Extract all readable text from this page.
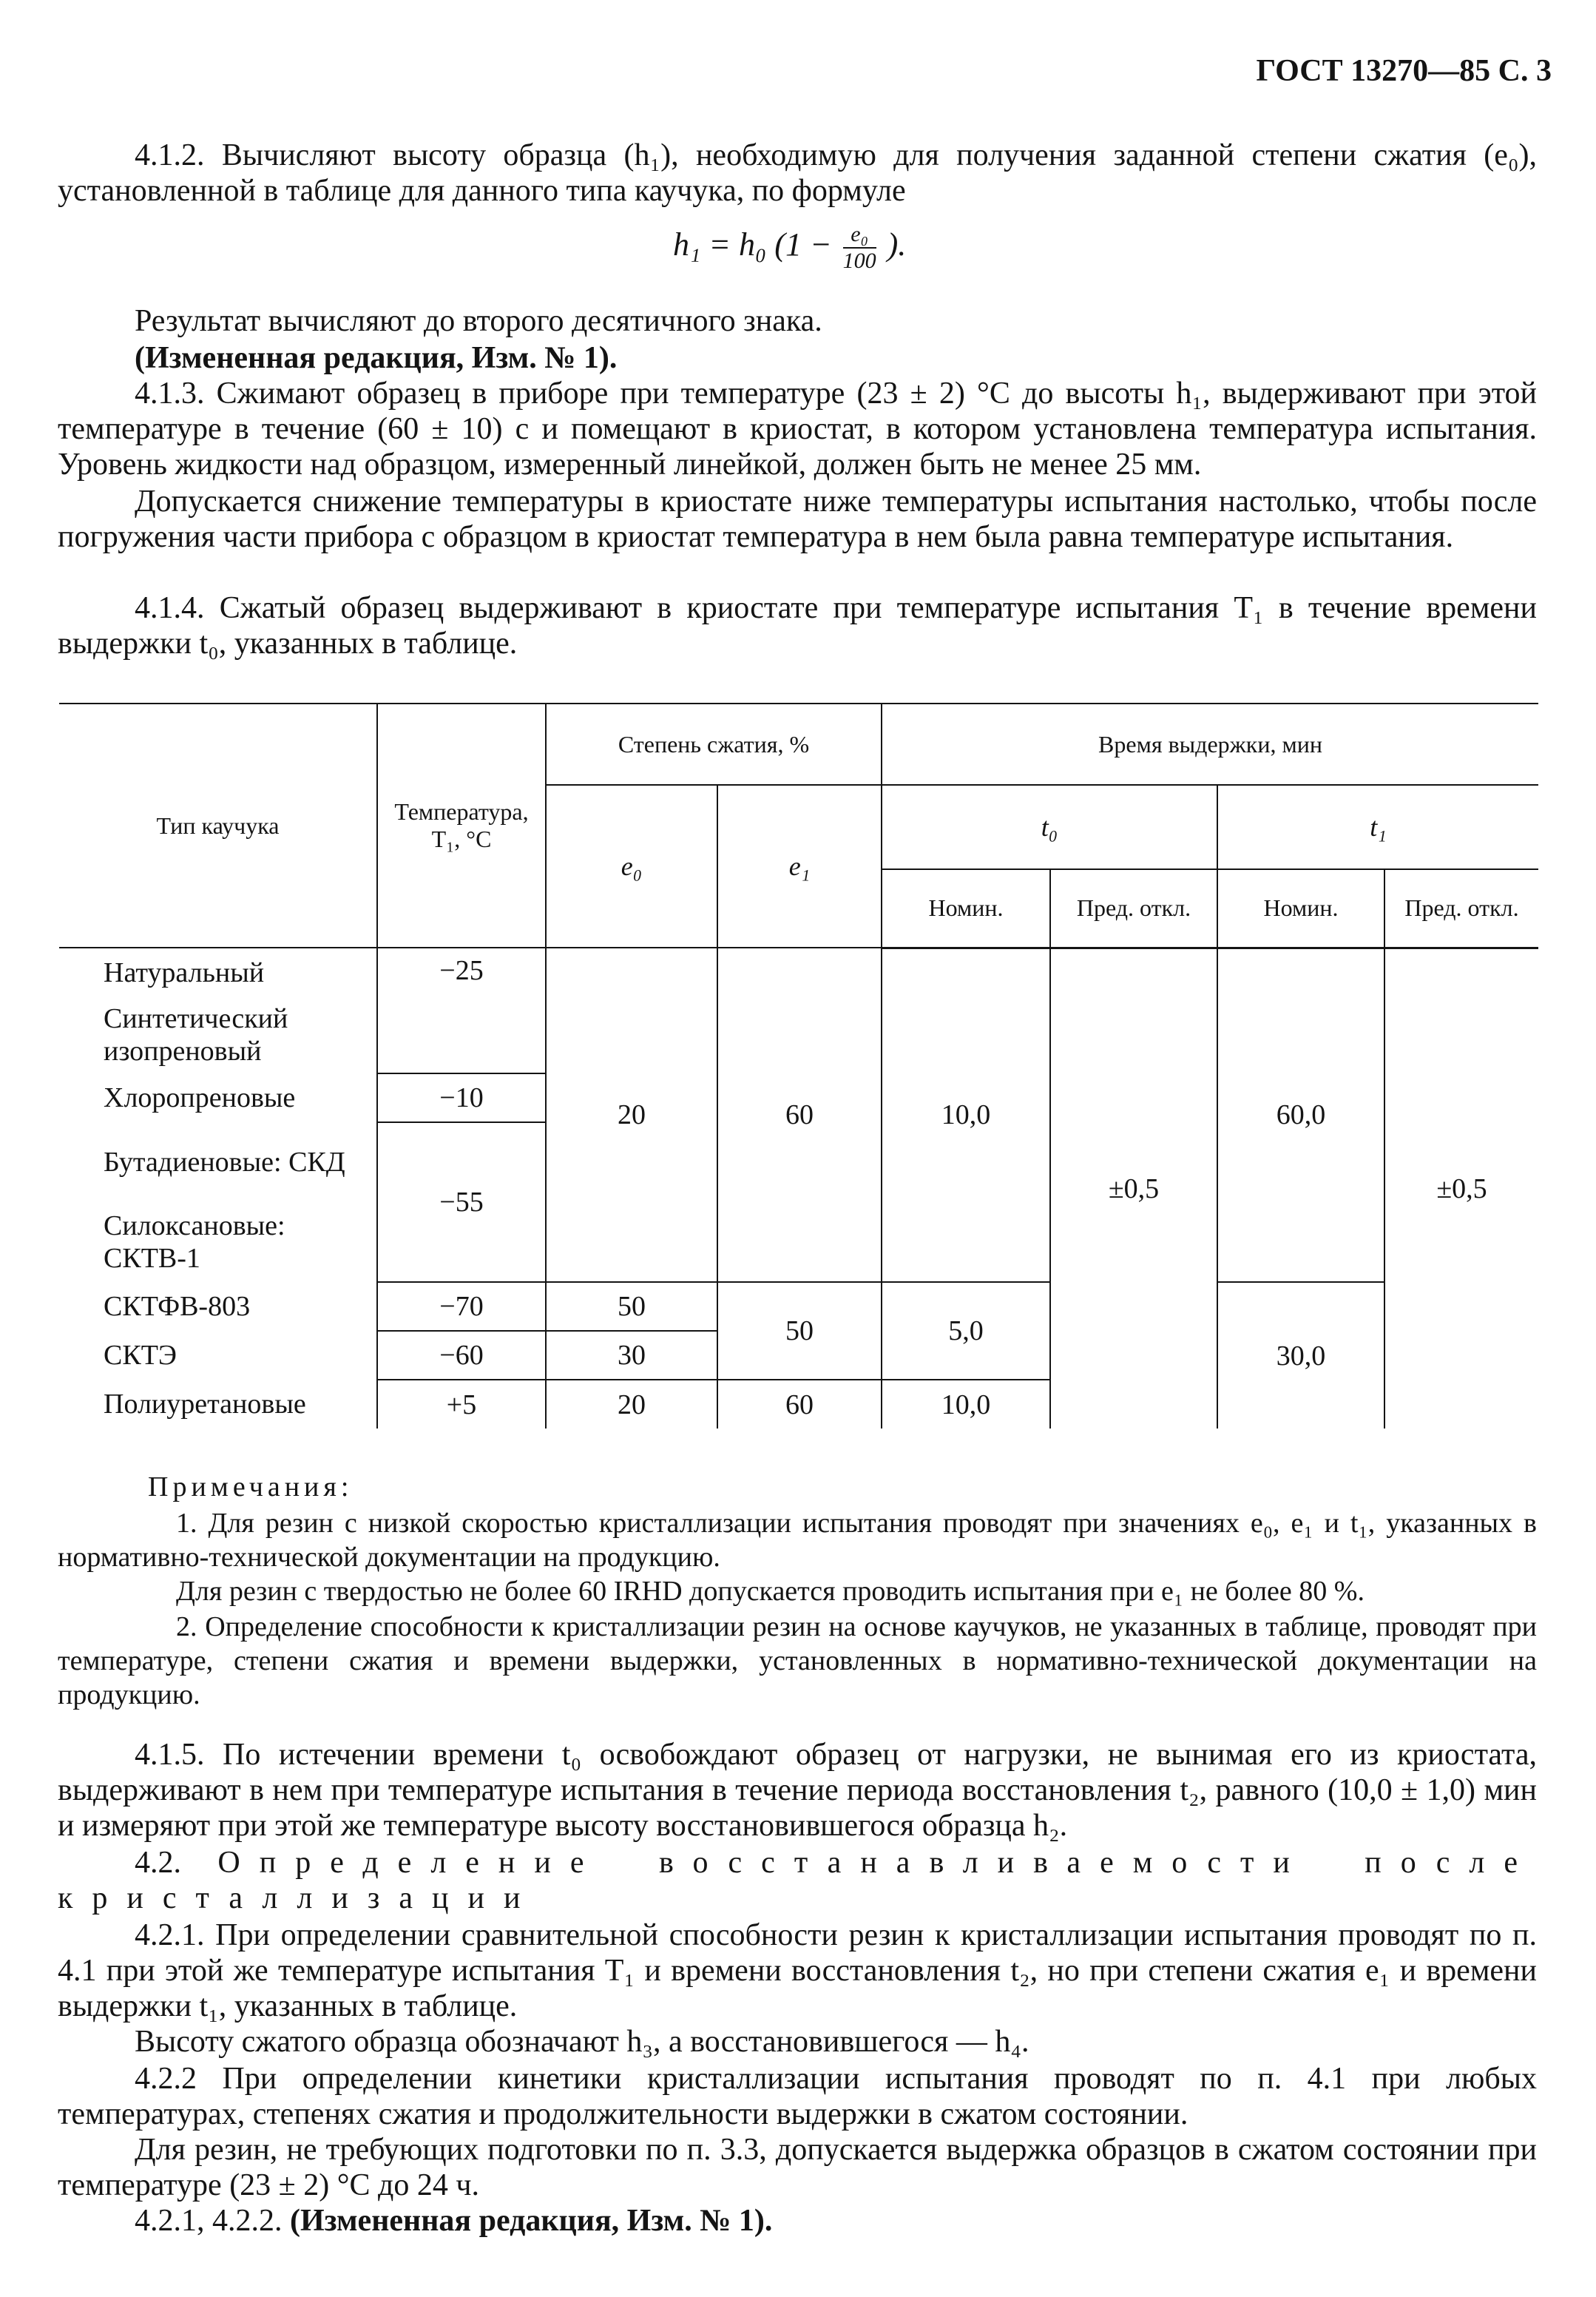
ГОСТ 13270—85 С. 3
4.1.2. Вычисляют высоту образца (h₁), необходимую для получения заданной степени сжатия (e₀), установленной в таблице для данного типа каучука, по формуле
h₁ = h₀ ($1 - \frac{\text{e₀}}{100}$ ).
Результат вычисляют до второго десятичного знака.
(Измененная редакция, Изм. № 1).
4.1.3. Сжимают образец в приборе при температуре (23 ± 2) °C до высоты h₁, выдерживают при этой температуре в течение (60 ± 10) с и помещают в криостат, в котором установлена температура испытания. Уровень жидкости над образцом, измеренный линейкой, должен быть не менее 25 мм.
Допускается снижение температуры в криостате ниже температуры испытания настолько, чтобы после погружения части прибора с образцом в криостат температура в нем была равна температуре испытания.
4.1.4. Сжатый образец выдерживают в криостате при температуре испытания T₁ в течение времени выдержки t₀, указанных в таблице.
Тип каучука	Температура, T₁, °C	Степень сжатия, %		Время выдержки, мин			
		e₀	e₁	t₀		t₁	
				Номин.	Пред. откл.	Номин.	Пред. откл.
Натуральный	−25	20	60	10,0	±0,5	60,0	±0,5
Синтетический изопреновый							
Хлоропреновые	−10						
Бутадиеновые: СКД	−55						
Силоксановые: СКТВ-1							
СКТФВ-803	−70	50	50	5,0		30,0	
СКТЭ	−60	30					
Полиуретановые	+5	20	60	10,0			
Примечания:
1. Для резин с низкой скоростью кристаллизации испытания проводят при значениях e₀, e₁ и t₁, указанных в нормативно-технической документации на продукцию.
Для резин с твердостью не более 60 IRHD допускается проводить испытания при e₁ не более 80 %.
2. Определение способности к кристаллизации резин на основе каучуков, не указанных в таблице, проводят при температуре, степени сжатия и времени выдержки, установленных в нормативно-технической документации на продукцию.
4.1.5. По истечении времени t₀ освобождают образец от нагрузки, не вынимая его из криостата, выдерживают в нем при температуре испытания в течение периода восстановления t₂, равного (10,0 ± 1,0) мин и измеряют при этой же температуре высоту восстановившегося образца h₂.
4.2. Определение восстанавливаемости после кристаллизации
4.2.1. При определении сравнительной способности резин к кристаллизации испытания проводят по п. 4.1 при этой же температуре испытания T₁ и времени восстановления t₂, но при степени сжатия e₁ и времени выдержки t₁, указанных в таблице.
Высоту сжатого образца обозначают h₃, а восстановившегося — h₄.
4.2.2 При определении кинетики кристаллизации испытания проводят по п. 4.1 при любых температурах, степенях сжатия и продолжительности выдержки в сжатом состоянии.
Для резин, не требующих подготовки по п. 3.3, допускается выдержка образцов в сжатом состоянии при температуре (23 ± 2) °C до 24 ч.
4.2.1, 4.2.2. (Измененная редакция, Изм. № 1).
